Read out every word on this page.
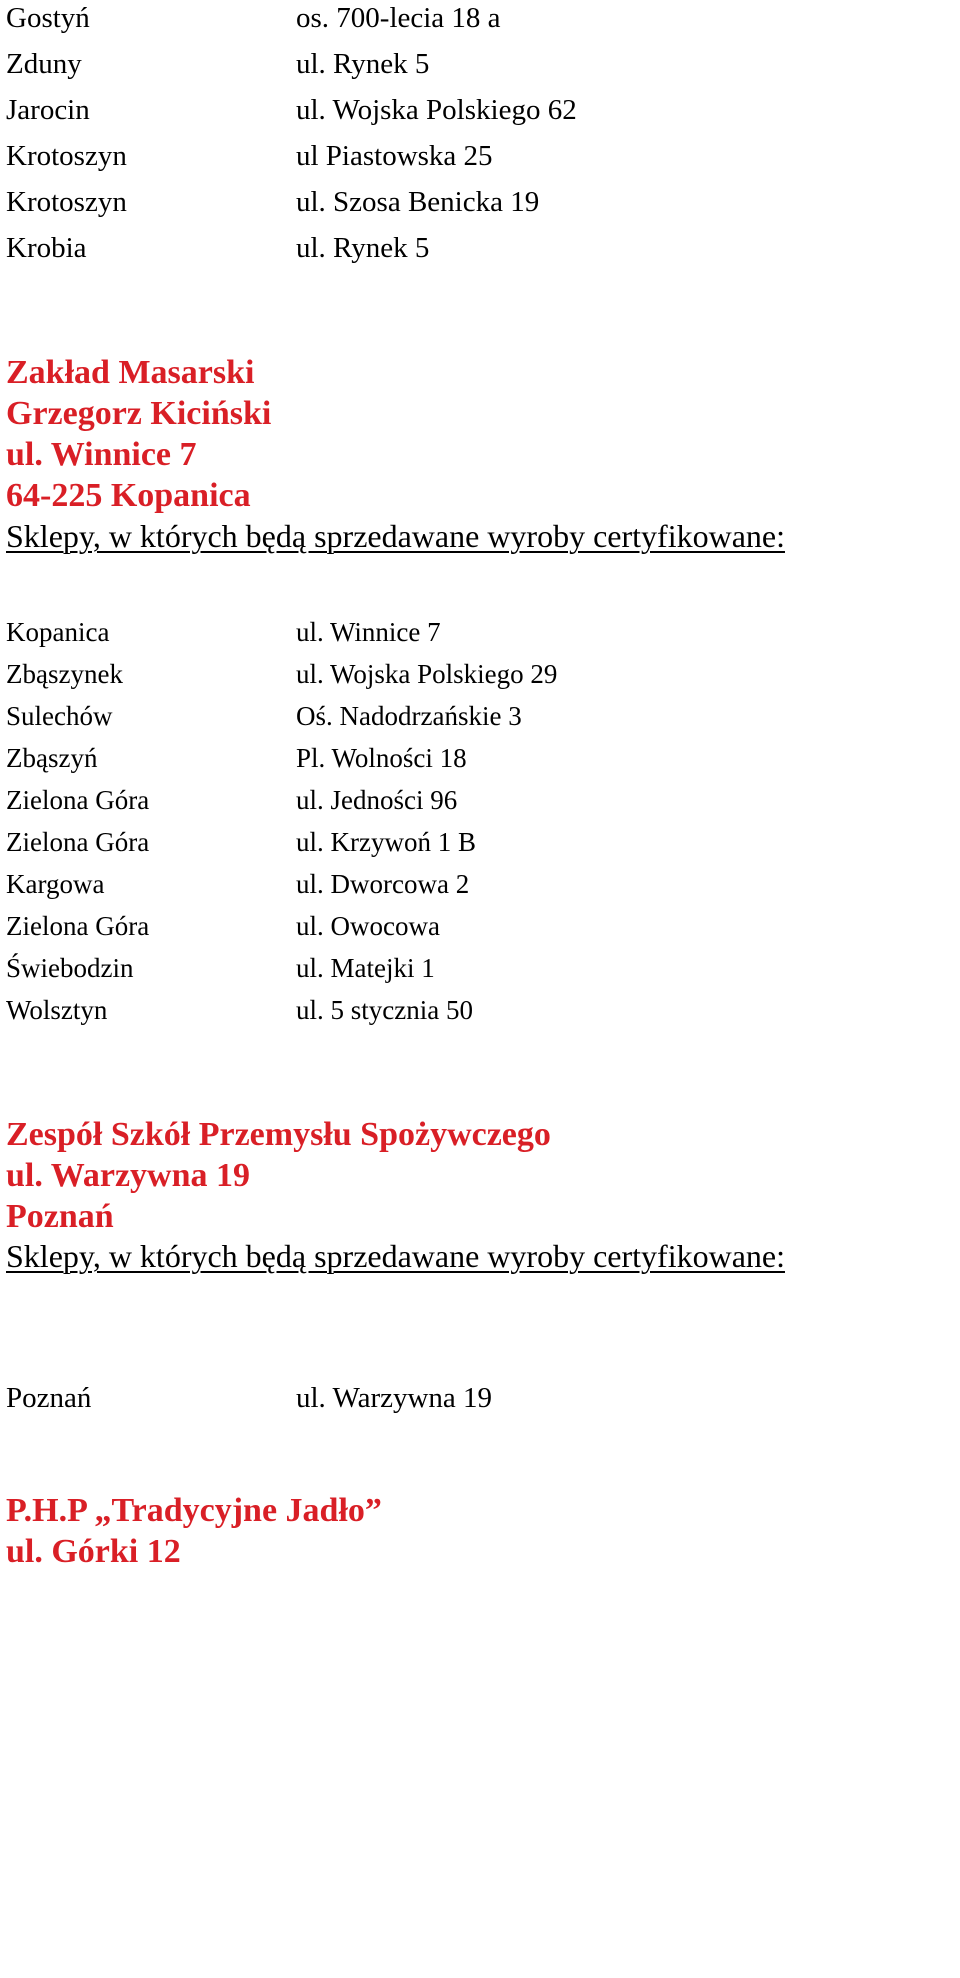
Gostyń	os. 700-lecia 18 a
Zduny	ul. Rynek 5
Jarocin	ul. Wojska Polskiego 62
Krotoszyn	ul Piastowska 25
Krotoszyn	ul. Szosa Benicka 19
Krobia	ul. Rynek 5
Zakład Masarski
Grzegorz Kiciński
ul. Winnice 7
64-225 Kopanica
Sklepy, w których będą sprzedawane wyroby certyfikowane:
Kopanica	ul. Winnice 7
Zbąszynek	ul. Wojska Polskiego 29
Sulechów	Oś. Nadodrzańskie 3
Zbąszyń	Pl. Wolności 18
Zielona Góra	ul. Jedności 96
Zielona Góra	ul. Krzywoń 1 B
Kargowa	ul. Dworcowa 2
Zielona Góra	ul. Owocowa
Świebodzin	ul. Matejki 1
Wolsztyn	ul. 5 stycznia 50
Zespół Szkół Przemysłu Spożywczego
ul. Warzywna 19
Poznań
Sklepy, w których będą sprzedawane wyroby certyfikowane:
Poznań	ul. Warzywna 19
P.H.P „Tradycyjne Jadło”
ul. Górki 12
